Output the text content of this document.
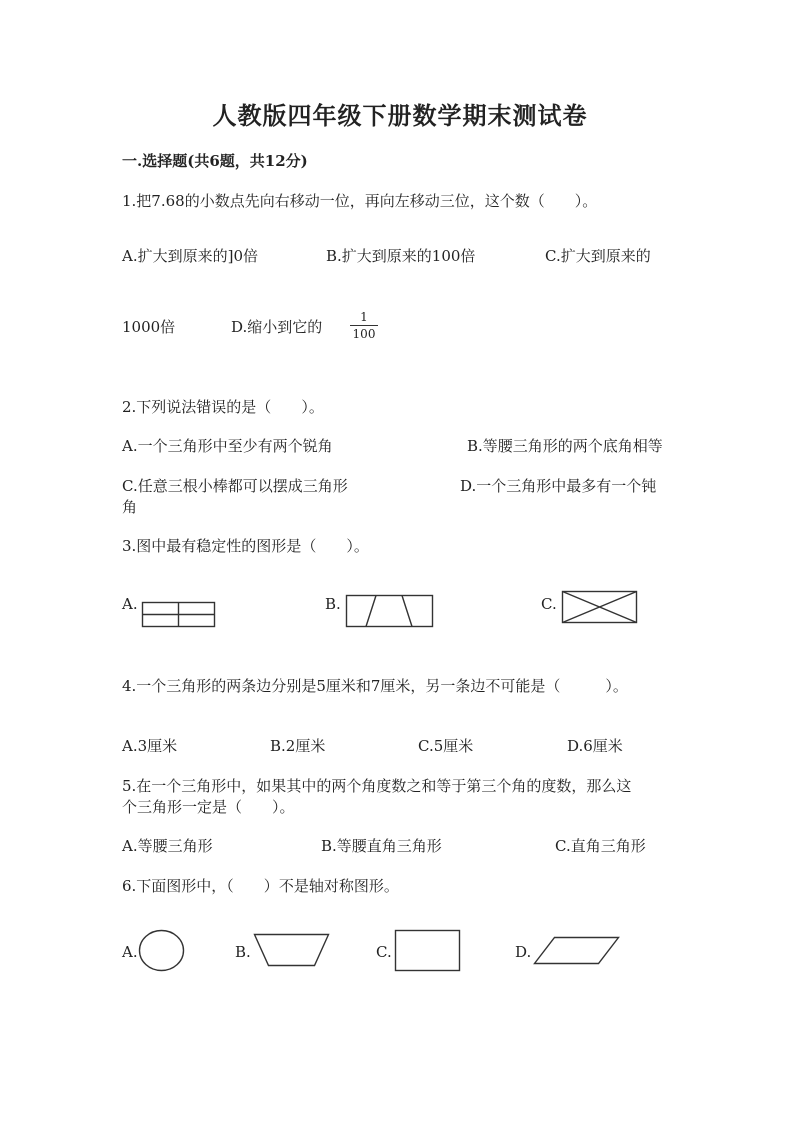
人教版四年级下册数学期末测试卷
一.选择题(共6题，共12分)
1.把7.68的小数点先向右移动一位，再向左移动三位，这个数（　　）。
A.扩大到原来的]0倍	B.扩大到原来的100倍	C.扩大到原来的
1000倍	D.缩小到它的
1
100
2.下列说法错误的是（　　）。
A.一个三角形中至少有两个锐角	B.等腰三角形的两个底角相等
C.任意三根小棒都可以摆成三角形	D.一个三角形中最多有一个钝
角
3.图中最有稳定性的图形是（　　）。
A.	B.	C.
4.一个三角形的两条边分别是5厘米和7厘米，另一条边不可能是（　　　）。
A.3厘米	B.2厘米	C.5厘米	D.6厘米
5.在一个三角形中，如果其中的两个角度数之和等于第三个角的度数，那么这
个三角形一定是（　　）。
A.等腰三角形	B.等腰直角三角形	C.直角三角形
6.下面图形中，（　　）不是轴对称图形。
A.	B.	C.	D.
